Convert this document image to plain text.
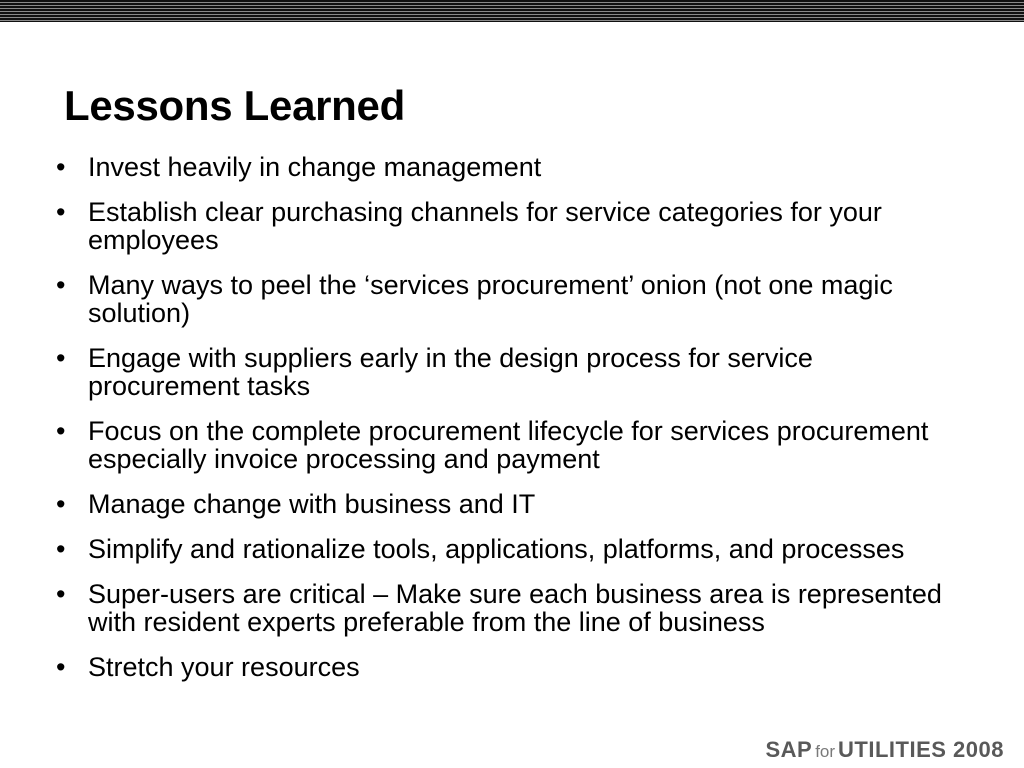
Lessons Learned
• Invest heavily in change management
• Establish clear purchasing channels for service categories for your employees
• Many ways to peel the ‘services procurement’ onion (not one magic solution)
• Engage with suppliers early in the design process for service procurement tasks
• Focus on the complete procurement lifecycle for services procurement especially invoice processing and payment
• Manage change with business and IT
• Simplify and rationalize tools, applications, platforms, and processes
• Super-users are critical – Make sure each business area is represented with resident experts preferable from the line of business
• Stretch your resources
SAP for UTILITIES 2008
